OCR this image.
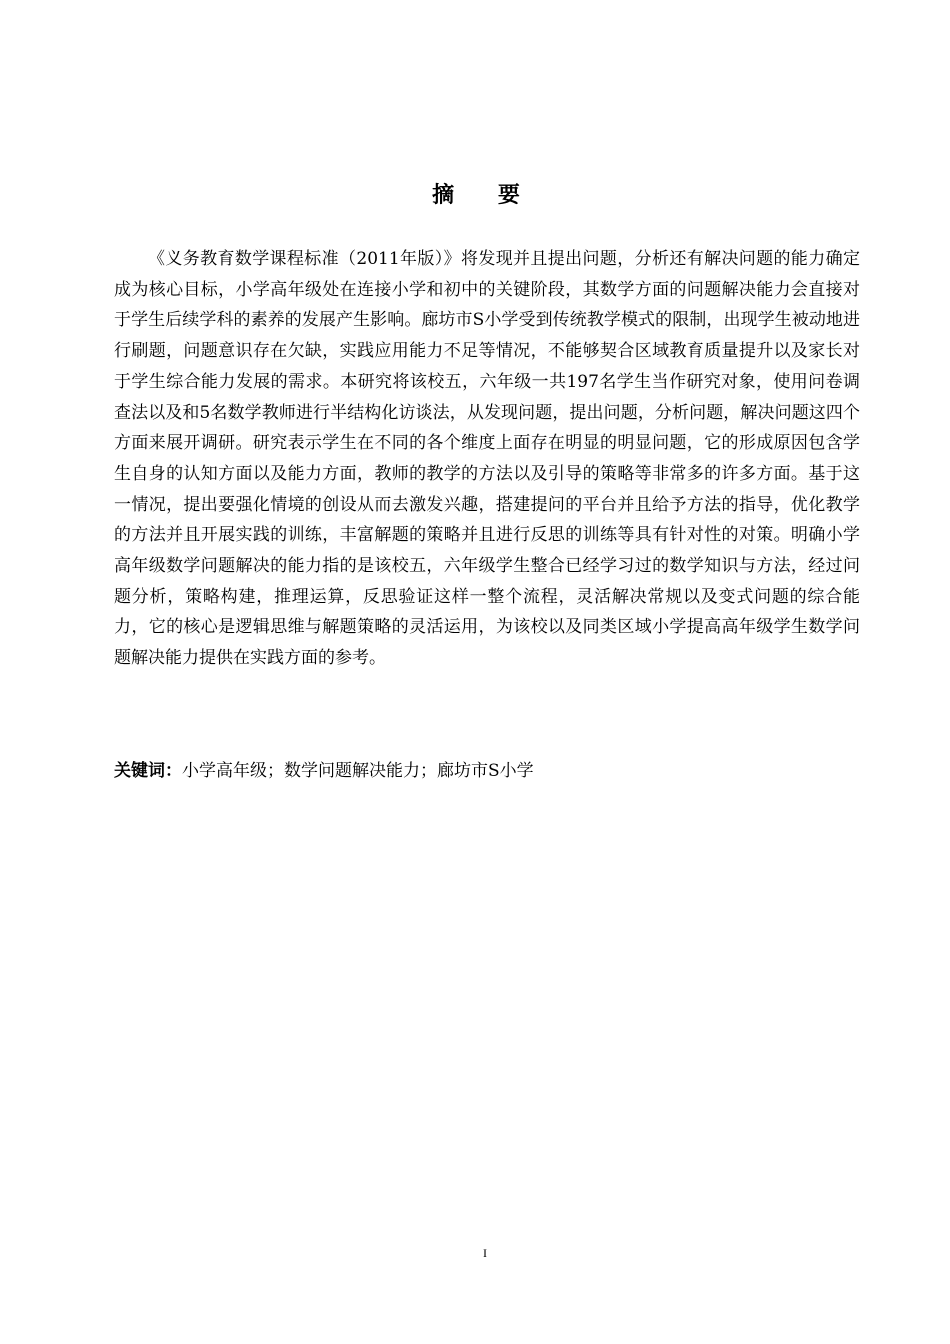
摘 要

《义务教育数学课程标准（2011年版）》将发现并且提出问题，分析还有解决问题的能力确定成为核心目标，小学高年级处在连接小学和初中的关键阶段，其数学方面的问题解决能力会直接对于学生后续学科的素养的发展产生影响。廊坊市S小学受到传统教学模式的限制，出现学生被动地进行刷题，问题意识存在欠缺，实践应用能力不足等情况，不能够契合区域教育质量提升以及家长对于学生综合能力发展的需求。本研究将该校五，六年级一共197名学生当作研究对象，使用问卷调查法以及和5名数学教师进行半结构化访谈法，从发现问题，提出问题，分析问题，解决问题这四个方面来展开调研。研究表示学生在不同的各个维度上面存在明显的明显问题，它的形成原因包含学生自身的认知方面以及能力方面，教师的教学的方法以及引导的策略等非常多的许多方面。基于这一情况，提出要强化情境的创设从而去激发兴趣，搭建提问的平台并且给予方法的指导，优化教学的方法并且开展实践的训练，丰富解题的策略并且进行反思的训练等具有针对性的对策。明确小学高年级数学问题解决的能力指的是该校五，六年级学生整合已经学习过的数学知识与方法，经过问题分析，策略构建，推理运算，反思验证这样一整个流程，灵活解决常规以及变式问题的综合能力，它的核心是逻辑思维与解题策略的灵活运用，为该校以及同类区域小学提高高年级学生数学问题解决能力提供在实践方面的参考。

关键词：小学高年级；数学问题解决能力；廊坊市S小学

I
